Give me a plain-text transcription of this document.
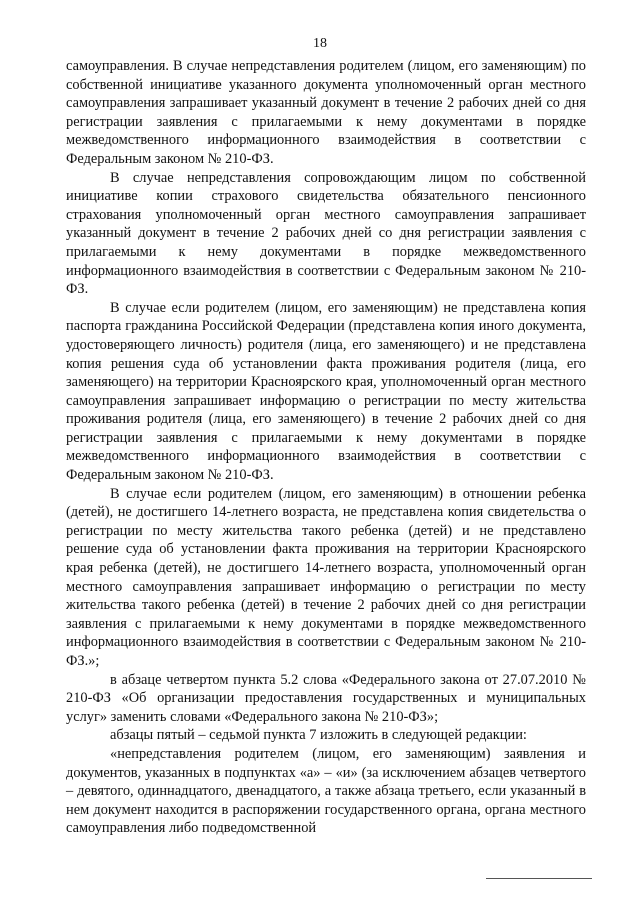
18

самоуправления. В случае непредставления родителем (лицом, его заменяющим) по собственной инициативе указанного документа уполномоченный орган местного самоуправления запрашивает указанный документ в течение 2 рабочих дней со дня регистрации заявления с прилагаемыми к нему документами в порядке межведомственного информационного взаимодействия в соответствии с Федеральным законом № 210-ФЗ.

В случае непредставления сопровождающим лицом по собственной инициативе копии страхового свидетельства обязательного пенсионного страхования уполномоченный орган местного самоуправления запрашивает указанный документ в течение 2 рабочих дней со дня регистрации заявления с прилагаемыми к нему документами в порядке межведомственного информационного взаимодействия в соответствии с Федеральным законом № 210-ФЗ.

В случае если родителем (лицом, его заменяющим) не представлена копия паспорта гражданина Российской Федерации (представлена копия иного документа, удостоверяющего личность) родителя (лица, его заменяющего) и не представлена копия решения суда об установлении факта проживания родителя (лица, его заменяющего) на территории Красноярского края, уполномоченный орган местного самоуправления запрашивает информацию о регистрации по месту жительства проживания родителя (лица, его заменяющего) в течение 2 рабочих дней со дня регистрации заявления с прилагаемыми к нему документами в порядке межведомственного информационного взаимодействия в соответствии с Федеральным законом № 210-ФЗ.

В случае если родителем (лицом, его заменяющим) в отношении ребенка (детей), не достигшего 14-летнего возраста, не представлена копия свидетельства о регистрации по месту жительства такого ребенка (детей) и не представлено решение суда об установлении факта проживания на территории Красноярского края ребенка (детей), не достигшего 14-летнего возраста, уполномоченный орган местного самоуправления запрашивает информацию о регистрации по месту жительства такого ребенка (детей) в течение 2 рабочих дней со дня регистрации заявления с прилагаемыми к нему документами в порядке межведомственного информационного взаимодействия в соответствии с Федеральным законом № 210-ФЗ.»;

в абзаце четвертом пункта 5.2 слова «Федерального закона от 27.07.2010 № 210-ФЗ «Об организации предоставления государственных и муниципальных услуг» заменить словами «Федерального закона № 210-ФЗ»;

абзацы пятый – седьмой пункта 7 изложить в следующей редакции:

«непредставления родителем (лицом, его заменяющим) заявления и документов, указанных в подпунктах «а» – «и» (за исключением абзацев четвертого – девятого, одиннадцатого, двенадцатого, а также абзаца третьего, если указанный в нем документ находится в распоряжении государственного органа, органа местного самоуправления либо подведомственной
